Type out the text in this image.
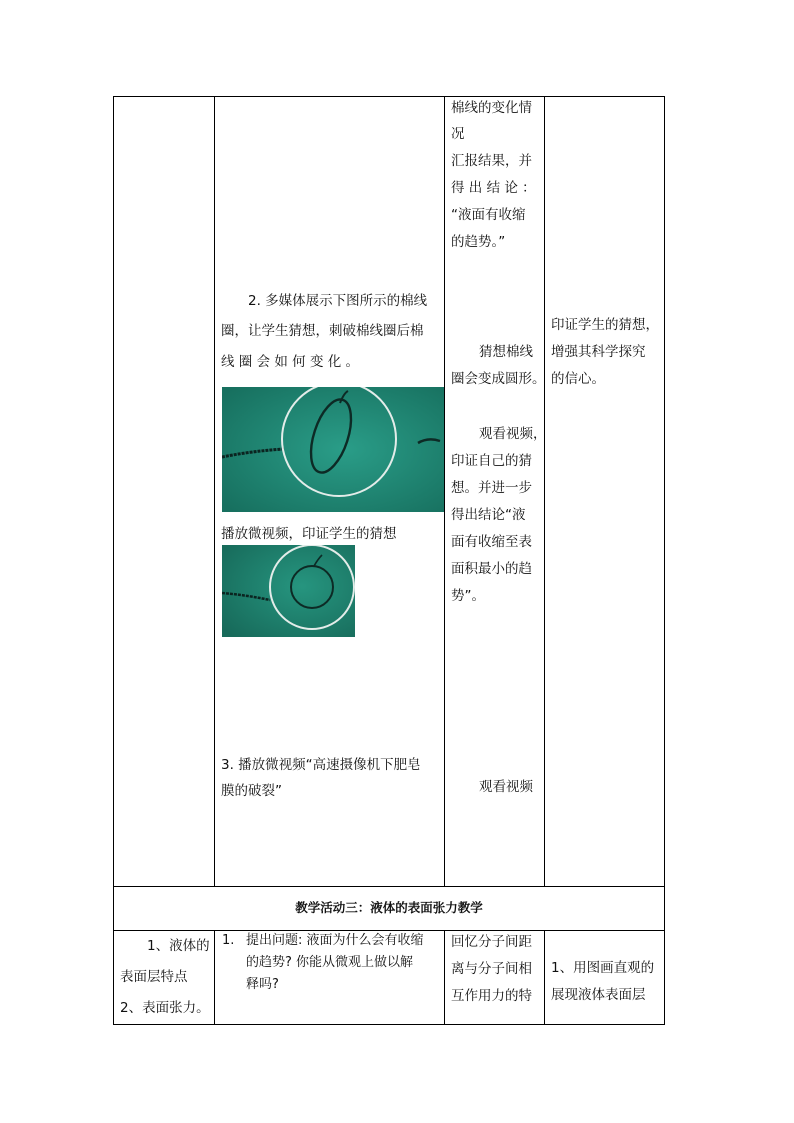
棉线的变化情
况
汇报结果，并
得 出 结 论 ：
“液面有收缩
的趋势。”
2. 多媒体展示下图所示的棉线
圈，让学生猜想，刺破棉线圈后棉
线 圈 会 如 何 变 化 。
播放微视频，印证学生的猜想
猜想棉线
圈会变成圆形。
观看视频，
印证自己的猜
想。并进一步
得出结论“液
面有收缩至表
面积最小的趋
势”。
印证学生的猜想，
增强其科学探究
的信心。
3. 播放微视频“高速摄像机下肥皂
膜的破裂”	观看视频
教学活动三：液体的表面张力教学
1、液体的
表面层特点
2、表面张力。
1. 提出问题: 液面为什么会有收缩
的趋势? 你能从微观上做以解
释吗?
回忆分子间距
离与分子间相
互作用力的特
1、用图画直观的
展现液体表面层
